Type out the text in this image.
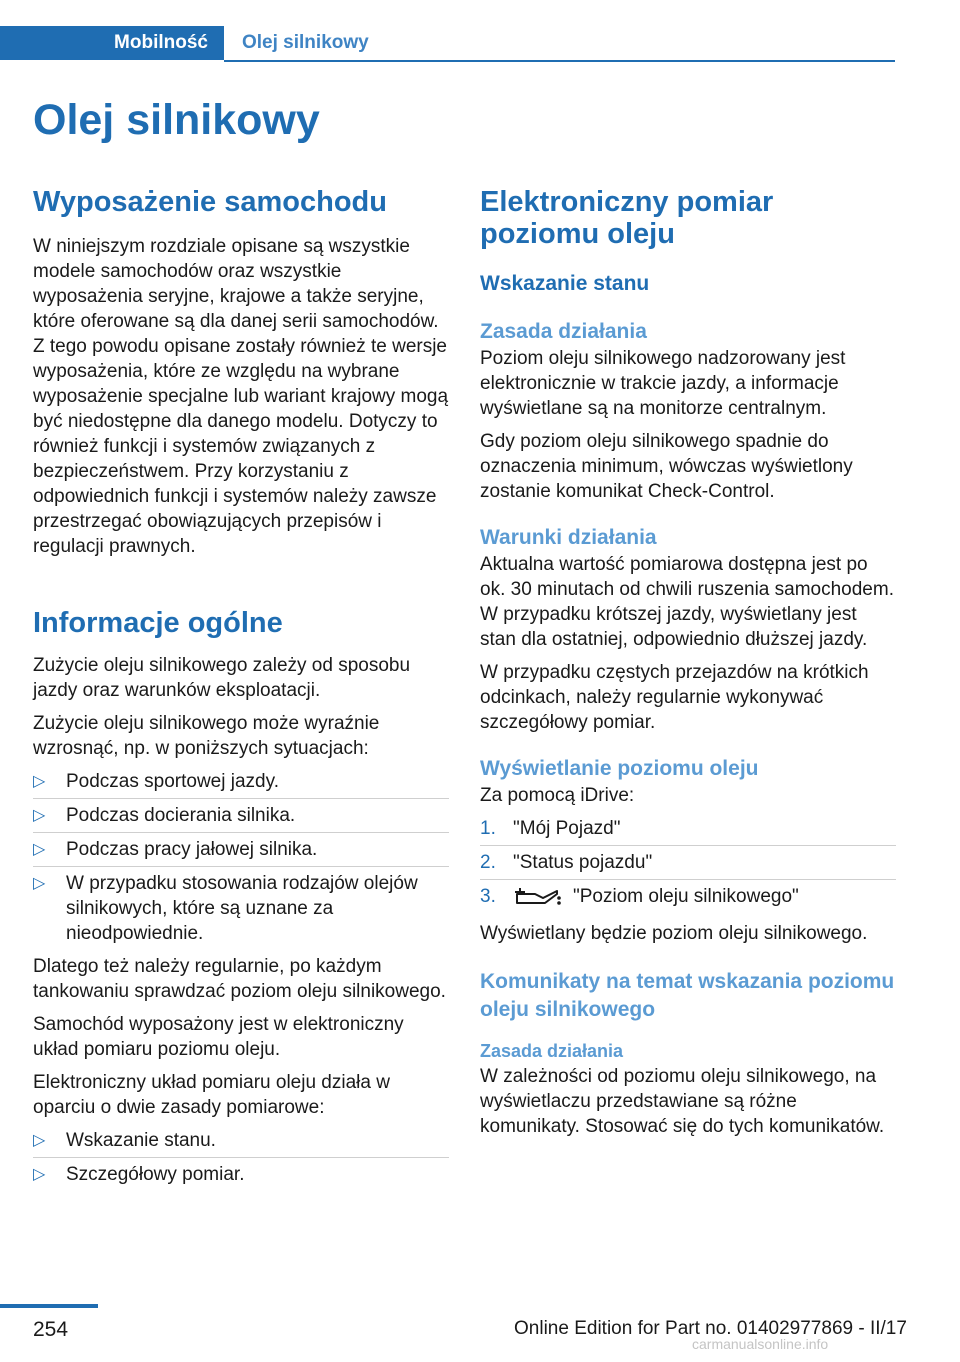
Mobilność Olej silnikowy
Olej silnikowy
Wyposażenie samochodu

W niniejszym rozdziale opisane są wszystkie modele samochodów oraz wszystkie wyposażenia seryjne, krajowe a także seryjne, które oferowane są dla danej serii samochodów. Z tego powodu opisane zostały również te wersje wyposażenia, które ze względu na wybrane wyposażenie specjalne lub wariant krajowy mogą być niedostępne dla danego modelu. Dotyczy to również funkcji i systemów związanych z bezpieczeństwem. Przy korzystaniu z odpowiednich funkcji i systemów należy zawsze przestrzegać obowiązujących przepisów i regulacji prawnych.

Informacje ogólne

Zużycie oleju silnikowego zależy od sposobu jazdy oraz warunków eksploatacji.

Zużycie oleju silnikowego może wyraźnie wzrosnąć, np. w poniższych sytuacjach:

▷ Podczas sportowej jazdy.
▷ Podczas docierania silnika.
▷ Podczas pracy jałowej silnika.
▷ W przypadku stosowania rodzajów olejów silnikowych, które są uznane za nieodpowiednie.

Dlatego też należy regularnie, po każdym tankowaniu sprawdzać poziom oleju silnikowego.

Samochód wyposażony jest w elektroniczny układ pomiaru poziomu oleju.

Elektroniczny układ pomiaru oleju działa w oparciu o dwie zasady pomiarowe:

▷ Wskazanie stanu.
▷ Szczegółowy pomiar.
Elektroniczny pomiar poziomu oleju
Wskazanie stanu
Zasada działania

Poziom oleju silnikowego nadzorowany jest elektronicznie w trakcie jazdy, a informacje wyświetlane są na monitorze centralnym.

Gdy poziom oleju silnikowego spadnie do oznaczenia minimum, wówczas wyświetlony zostanie komunikat Check-Control.

Warunki działania

Aktualna wartość pomiarowa dostępna jest po ok. 30 minutach od chwili ruszenia samochodem. W przypadku krótszej jazdy, wyświetlany jest stan dla ostatniej, odpowiednio dłuższej jazdy.

W przypadku częstych przejazdów na krótkich odcinkach, należy regularnie wykonywać szczegółowy pomiar.

Wyświetlanie poziomu oleju

Za pomocą iDrive:

1. "Mój Pojazd"
2. "Status pojazdu"
3.	"Poziom oleju silnikowego"

Wyświetlany będzie poziom oleju silnikowego.

Komunikaty na temat wskazania poziomu oleju silnikowego
Zasada działania

W zależności od poziomu oleju silnikowego, na wyświetlaczu przedstawiane są różne komunikaty. Stosować się do tych komunikatów.

254	Online Edition for Part no. 01402977869 - II/17
carmanualsonline.info
